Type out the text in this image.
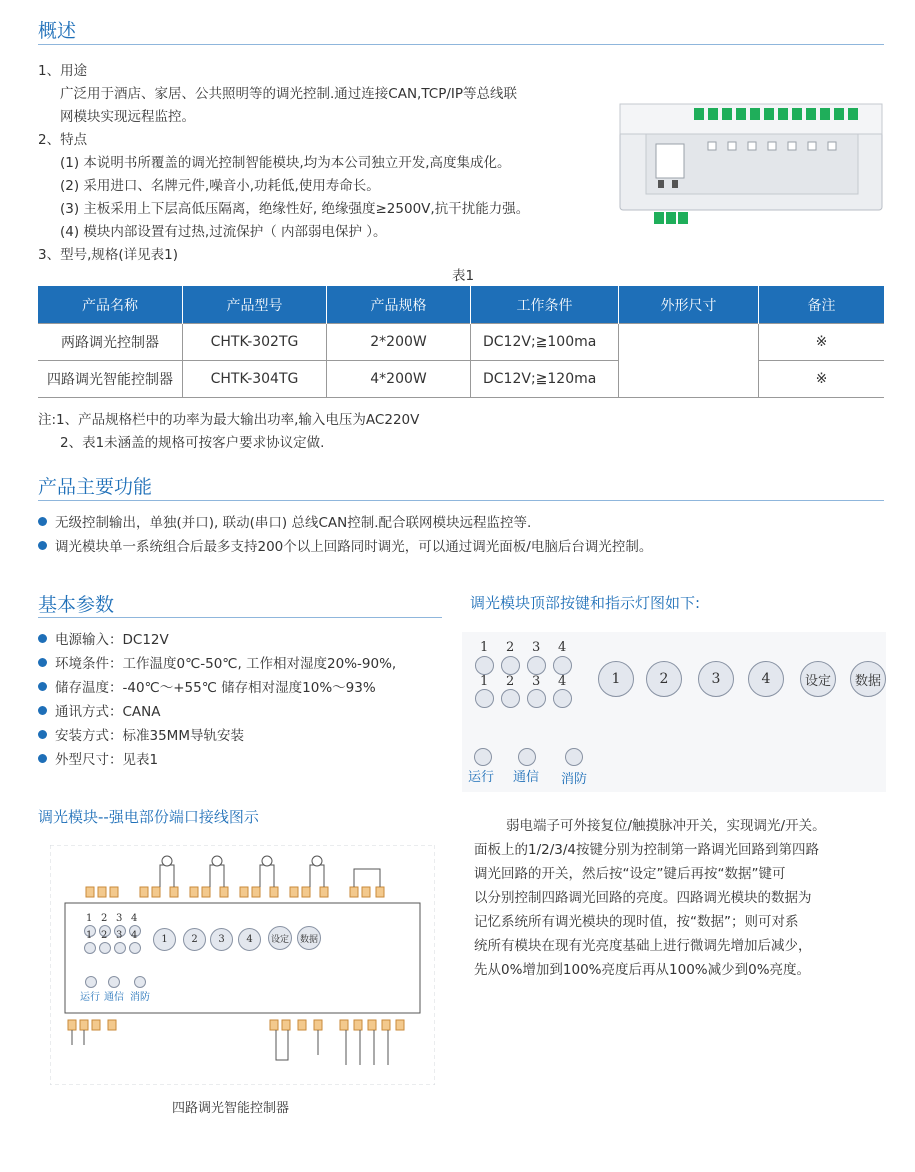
概述
1、用途
广泛用于酒店、家居、公共照明等的调光控制.通过连接CAN,TCP/IP等总线联
网模块实现远程监控。
2、特点
(1) 本说明书所覆盖的调光控制智能模块,均为本公司独立开发,高度集成化。
(2) 采用进口、名牌元件,噪音小,功耗低,使用寿命长。
(3) 主板采用上下层高低压隔离，绝缘性好, 绝缘强度≥2500V,抗干扰能力强。
(4) 模块内部设置有过热,过流保护（ 内部弱电保护 ）。
3、型号,规格(详见表1)
表1
产品名称	产品型号	产品规格	工作条件	外形尺寸	备注
两路调光控制器	CHTK-302TG	2*200W	DC12V;≧100ma		※
四路调光智能控制器	CHTK-304TG	4*200W	DC12V;≧120ma		※
注:1、产品规格栏中的功率为最大输出功率,输入电压为AC220V
2、表1未涵盖的规格可按客户要求协议定做.
产品主要功能
无级控制输出，单独(并口), 联动(串口) 总线CAN控制.配合联网模块远程监控等.
调光模块单一系统组合后最多支持200个以上回路同时调光，可以通过调光面板/电脑后台调光控制。
基本参数
电源输入：DC12V
环境条件：工作温度0℃-50℃, 工作相对湿度20%-90%,
储存温度：-40℃～+55℃ 储存相对湿度10%～93%
通讯方式：CANA
安装方式：标准35MM导轨安装
外型尺寸：见表1
调光模块顶部按键和指示灯图如下:
1 2 3 4
1 2 3 4	1	2	3	4	设定	数据
运行 通信 消防
调光模块--强电部份端口接线图示
1 2 3 4
1 2 3 4	1	2	3	4	设定	数据
运行 通信 消防
四路调光智能控制器
弱电端子可外接复位/触摸脉冲开关，实现调光/开关。
面板上的1/2/3/4按键分别为控制第一路调光回路到第四路
调光回路的开关，然后按“设定”键后再按“数据”键可
以分别控制四路调光回路的亮度。四路调光模块的数据为
记忆系统所有调光模块的现时值，按“数据”；则可对系
统所有模块在现有光亮度基础上进行微调先增加后减少，
先从0%增加到100%亮度后再从100%减少到0%亮度。
